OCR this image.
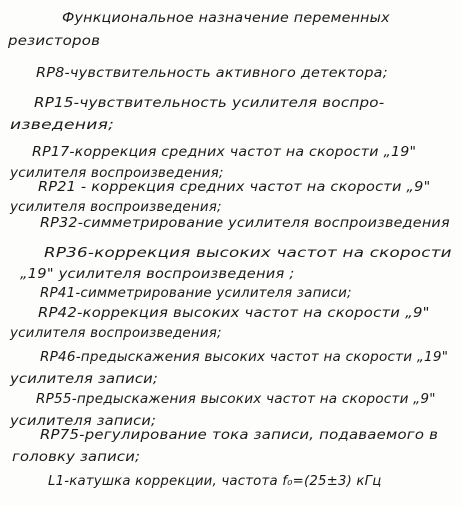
Функциональное назначение переменных
резисторов
RP8-чувствительность активного детектора;
RP15-чувствительность усилителя воспро-
изведения;
RP17-коррекция средних частот на скорости „19"
усилителя воспроизведения;
RP21 - коррекция средних частот на скорости „9"
усилителя воспроизведения;
RP32-симметрирование усилителя воспроизведения
RP36-коррекция высоких частот на скорости
„19" усилителя воспроизведения ;
RP41-симметрирование усилителя записи;
RP42-коррекция высоких частот на скорости „9"
усилителя воспроизведения;
RP46-предыскажения высоких частот на скорости „19"
усилителя записи;
RP55-предыскажения высоких частот на скорости „9"
усилителя записи;
RP75-регулирование тока записи, подаваемого в
головку записи;
L1-катушка коррекции, частота f₀=(25±3) кГц
